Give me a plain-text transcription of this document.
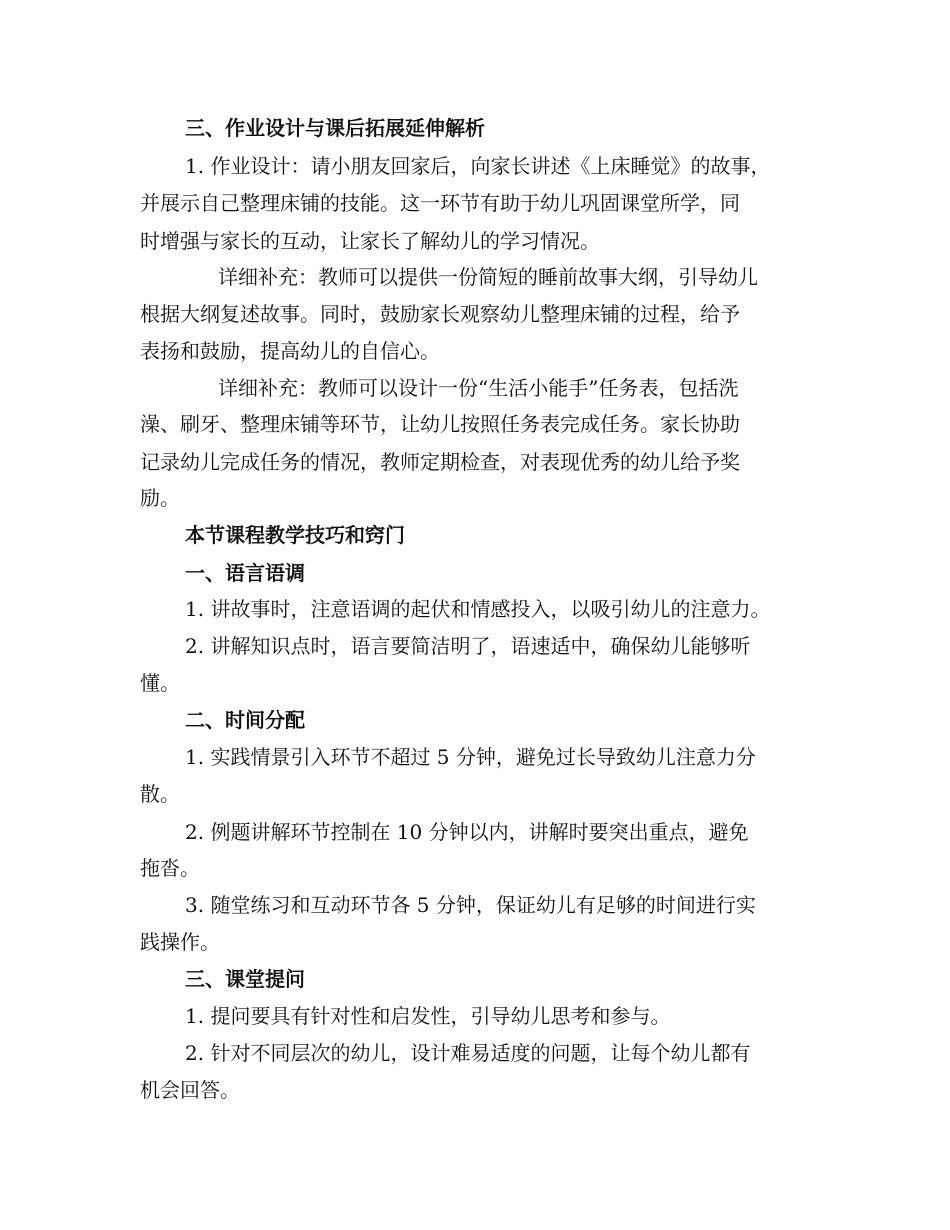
三、作业设计与课后拓展延伸解析
1. 作业设计：请小朋友回家后，向家长讲述《上床睡觉》的故事，
并展示自己整理床铺的技能。这一环节有助于幼儿巩固课堂所学，同
时增强与家长的互动，让家长了解幼儿的学习情况。
详细补充：教师可以提供一份简短的睡前故事大纲，引导幼儿
根据大纲复述故事。同时，鼓励家长观察幼儿整理床铺的过程，给予
表扬和鼓励，提高幼儿的自信心。
详细补充：教师可以设计一份“生活小能手”任务表，包括洗
澡、刷牙、整理床铺等环节，让幼儿按照任务表完成任务。家长协助
记录幼儿完成任务的情况，教师定期检查，对表现优秀的幼儿给予奖
励。
本节课程教学技巧和窍门
一、语言语调
1. 讲故事时，注意语调的起伏和情感投入，以吸引幼儿的注意力。
2. 讲解知识点时，语言要简洁明了，语速适中，确保幼儿能够听
懂。
二、时间分配
1. 实践情景引入环节不超过 5 分钟，避免过长导致幼儿注意力分
散。
2. 例题讲解环节控制在 10 分钟以内，讲解时要突出重点，避免
拖沓。
3. 随堂练习和互动环节各 5 分钟，保证幼儿有足够的时间进行实
践操作。
三、课堂提问
1. 提问要具有针对性和启发性，引导幼儿思考和参与。
2. 针对不同层次的幼儿，设计难易适度的问题，让每个幼儿都有
机会回答。
